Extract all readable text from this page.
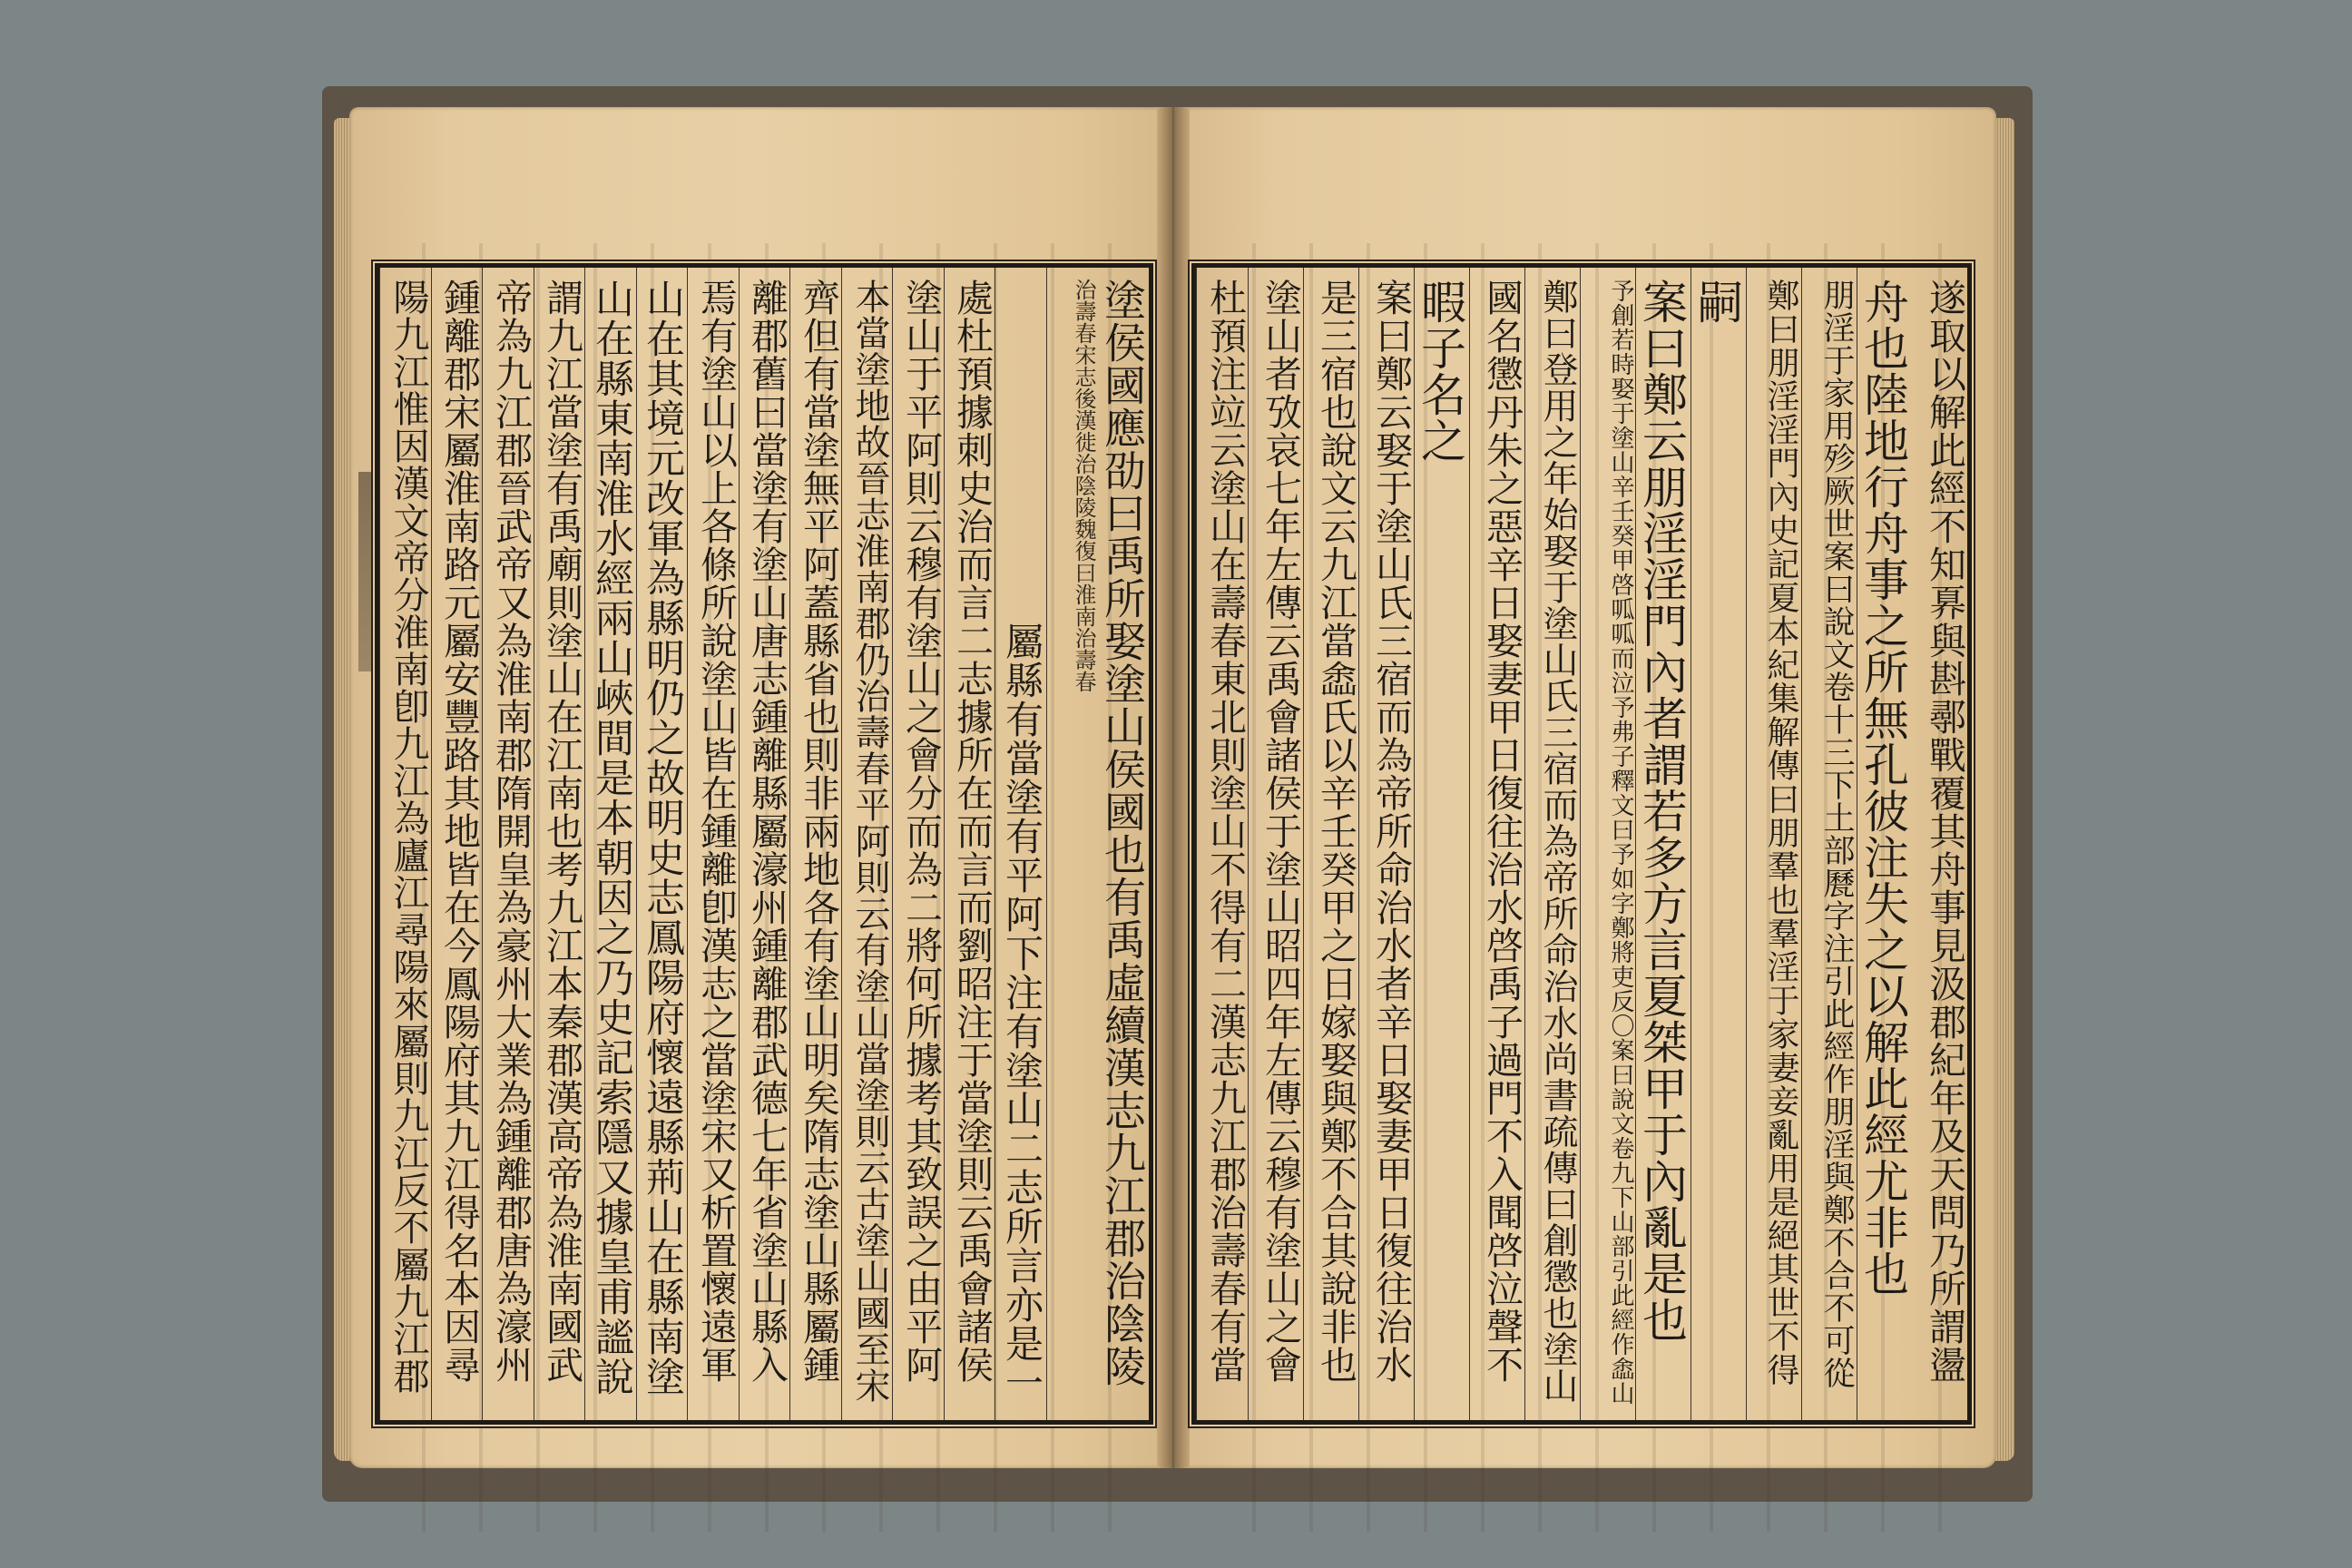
塗侯國應劭曰禹所娶塗山侯國也有禹虛續漢志九江郡治陰陵
治壽春宋志後漢徙治陰陵魏復曰淮南治壽春
屬縣有當塗有平阿下注有塗山二志所言亦是一
處杜預據刺史治而言二志據所在而言而劉昭注于當塗則云禹會諸侯
塗山于平阿則云穆有塗山之會分而為二將何所據考其致誤之由平阿
本當塗地故晉志淮南郡仍治壽春平阿則云有塗山當塗則云古塗山國至宋
齊但有當塗無平阿蓋縣省也則非兩地各有塗山明矣隋志塗山縣屬鍾
離郡舊曰當塗有塗山唐志鍾離縣屬濠州鍾離郡武德七年省塗山縣入
焉有塗山以上各條所說塗山皆在鍾離卽漢志之當塗宋又析置懷遠軍
山在其境元改軍為縣明仍之故明史志鳳陽府懷遠縣荊山在縣南塗
山在縣東南淮水經兩山峽間是本朝因之乃史記索隱又據皇甫謐說
謂九江當塗有禹廟則塗山在江南也考九江本秦郡漢高帝為淮南國武
帝為九江郡晉武帝又為淮南郡隋開皇為豪州大業為鍾離郡唐為濠州
鍾離郡宋屬淮南路元屬安豐路其地皆在今鳳陽府其九江得名本因尋
陽九江惟因漢文帝分淮南卽九江為廬江尋陽來屬則九江反不屬九江郡	遂取以解此經不知奡與斟鄩戰覆其舟事見汲郡紀年及天問乃所謂盪
舟也陸地行舟事之所無孔彼注失之以解此經尤非也
朋淫于家用殄厥世案曰說文卷十三下土部㽁字注引此經作朋淫與鄭不合不可從
鄭曰朋淫淫門內史記夏本紀集解傳曰朋羣也羣淫于家妻妾亂用是絕其世不得
嗣
案曰鄭云朋淫淫門內者謂若多方言夏桀甲于內亂是也
予創若時娶于塗山辛壬癸甲啓呱呱而泣予弗子釋文曰予如字鄭將吏反〇案曰說文卷九下山部引此經作嵞山
鄭曰登用之年始娶于塗山氏三宿而為帝所命治水尚書疏傳曰創懲也塗山
國名懲丹朱之惡辛日娶妻甲日復往治水啓禹子過門不入聞啓泣聲不
暇子名之
案曰鄭云娶于塗山氏三宿而為帝所命治水者辛日娶妻甲日復往治水
是三宿也說文云九江當嵞氏以辛壬癸甲之日嫁娶與鄭不合其說非也
塗山者攷哀七年左傳云禹會諸侯于塗山昭四年左傳云穆有塗山之會
杜預注竝云塗山在壽春東北則塗山不得有二漢志九江郡治壽春有當
